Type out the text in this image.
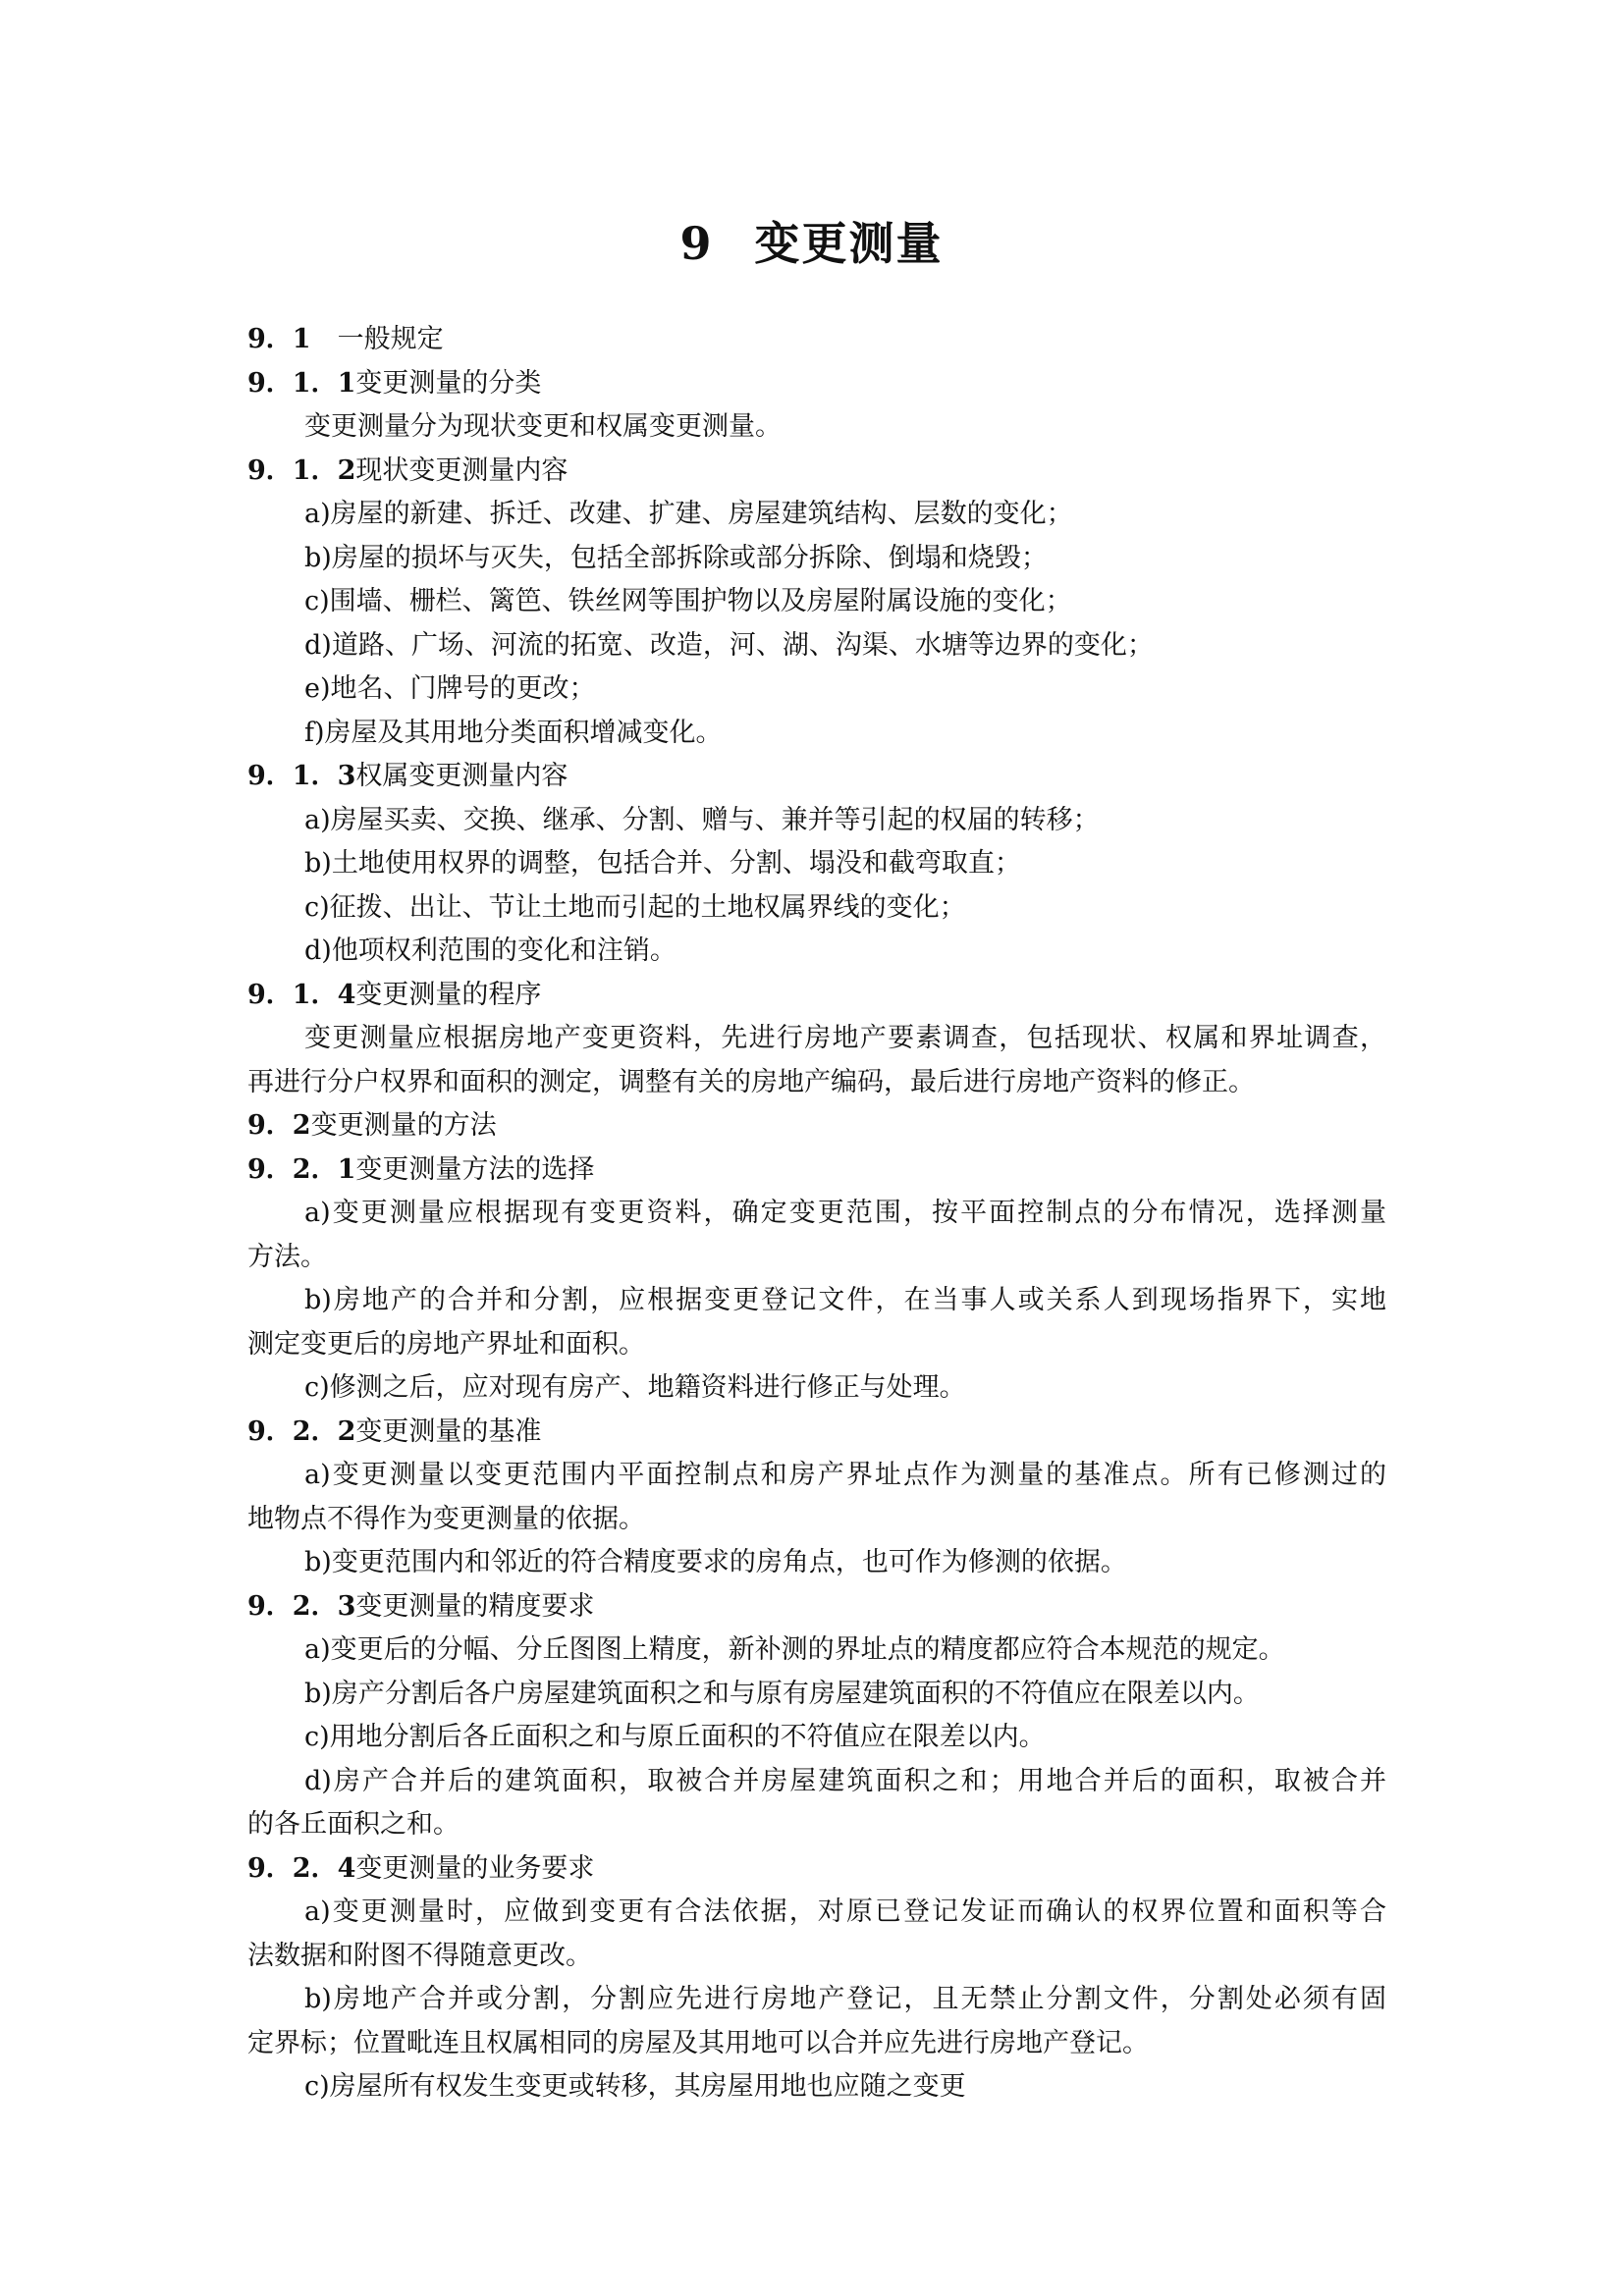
9 变更测量
9．1　一般规定
9．1．1变更测量的分类
变更测量分为现状变更和权属变更测量。
9．1．2现状变更测量内容
a)房屋的新建、拆迁、改建、扩建、房屋建筑结构、层数的变化；
b)房屋的损坏与灭失，包括全部拆除或部分拆除、倒塌和烧毁；
c)围墙、栅栏、篱笆、铁丝网等围护物以及房屋附属设施的变化；
d)道路、广场、河流的拓宽、改造，河、湖、沟渠、水塘等边界的变化；
e)地名、门牌号的更改；
f)房屋及其用地分类面积增减变化。
9．1．3权属变更测量内容
a)房屋买卖、交换、继承、分割、赠与、兼并等引起的权届的转移；
b)土地使用权界的调整，包括合并、分割、塌没和截弯取直；
c)征拨、出让、节让土地而引起的土地权属界线的变化；
d)他项权利范围的变化和注销。
9．1．4变更测量的程序
变更测量应根据房地产变更资料，先进行房地产要素调查，包括现状、权属和界址调查，
再进行分户权界和面积的测定，调整有关的房地产编码，最后进行房地产资料的修正。
9．2变更测量的方法
9．2．1变更测量方法的选择
a)变更测量应根据现有变更资料，确定变更范围，按平面控制点的分布情况，选择测量
方法。
b)房地产的合并和分割，应根据变更登记文件，在当事人或关系人到现场指界下，实地
测定变更后的房地产界址和面积。
c)修测之后，应对现有房产、地籍资料进行修正与处理。
9．2．2变更测量的基准
a)变更测量以变更范围内平面控制点和房产界址点作为测量的基准点。所有已修测过的
地物点不得作为变更测量的依据。
b)变更范围内和邻近的符合精度要求的房角点，也可作为修测的依据。
9．2．3变更测量的精度要求
a)变更后的分幅、分丘图图上精度，新补测的界址点的精度都应符合本规范的规定。
b)房产分割后各户房屋建筑面积之和与原有房屋建筑面积的不符值应在限差以内。
c)用地分割后各丘面积之和与原丘面积的不符值应在限差以内。
d)房产合并后的建筑面积，取被合并房屋建筑面积之和；用地合并后的面积，取被合并
的各丘面积之和。
9．2．4变更测量的业务要求
a)变更测量时，应做到变更有合法依据，对原已登记发证而确认的权界位置和面积等合
法数据和附图不得随意更改。
b)房地产合并或分割，分割应先进行房地产登记，且无禁止分割文件，分割处必须有固
定界标；位置毗连且权属相同的房屋及其用地可以合并应先进行房地产登记。
c)房屋所有权发生变更或转移，其房屋用地也应随之变更
